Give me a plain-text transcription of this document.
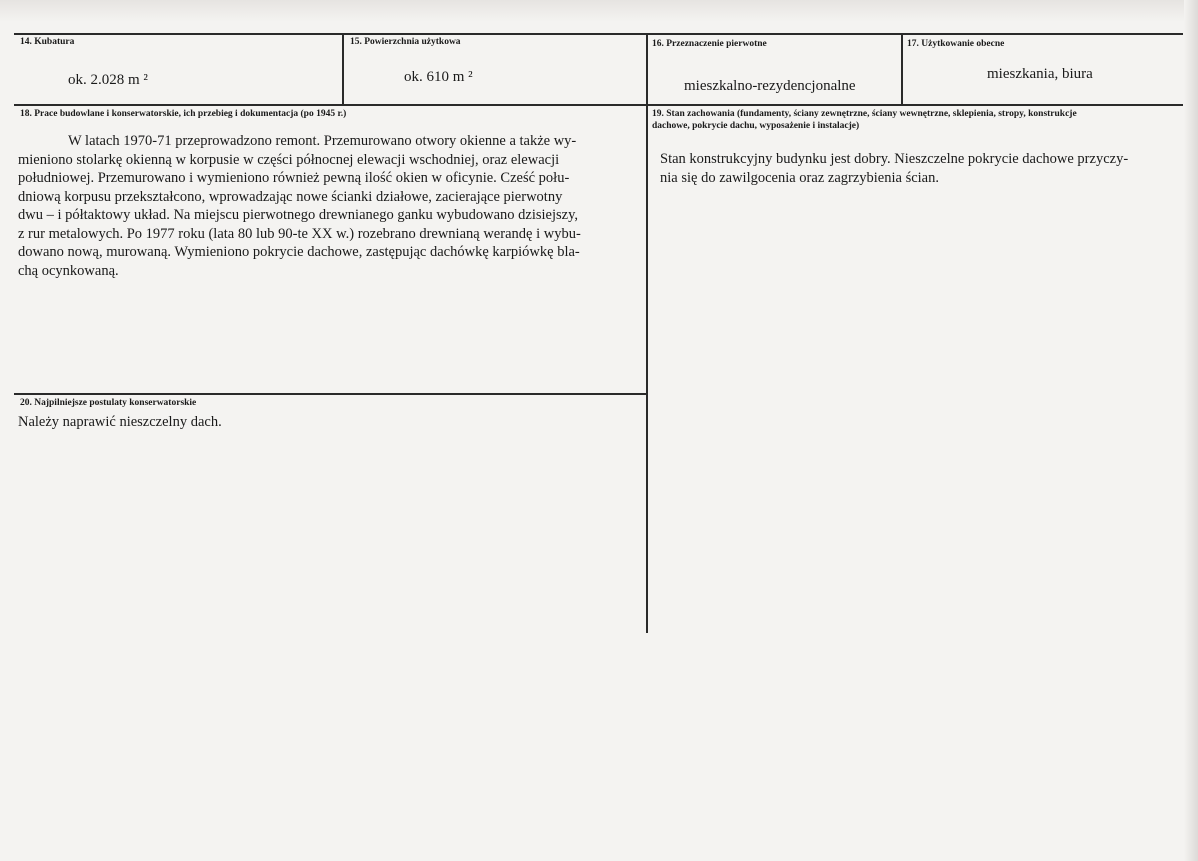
14. Kubatura
ok. 2.028 m ²
15. Powierzchnia użytkowa
ok. 610 m ²
16. Przeznaczenie pierwotne
mieszkalno-rezydencjonalne
17. Użytkowanie obecne
mieszkania, biura
18. Prace budowlane i konserwatorskie, ich przebieg i dokumentacja (po 1945 r.)
W latach 1970-71 przeprowadzono remont. Przemurowano otwory okienne a także wy-
mieniono stolarkę okienną w korpusie w części północnej elewacji wschodniej, oraz elewacji
południowej. Przemurowano i wymieniono również pewną ilość okien w oficynie. Cześć połu-
dniową korpusu przekształcono, wprowadzając nowe ścianki działowe, zacierające pierwotny
dwu – i półtaktowy układ. Na miejscu pierwotnego drewnianego ganku wybudowano dzisiejszy,
z rur metalowych. Po 1977 roku (lata 80 lub 90-te XX w.) rozebrano drewnianą werandę i wybu-
dowano nową, murowaną. Wymieniono pokrycie dachowe, zastępując dachówkę karpiówkę bla-
chą ocynkowaną.
19. Stan zachowania (fundamenty, ściany zewnętrzne, ściany wewnętrzne, sklepienia, stropy, konstrukcje
dachowe, pokrycie dachu, wyposażenie i instalacje)
Stan konstrukcyjny budynku jest dobry. Nieszczelne pokrycie dachowe przyczy-
nia się do zawilgocenia oraz zagrzybienia ścian.
20. Najpilniejsze postulaty konserwatorskie
Należy naprawić nieszczelny dach.
